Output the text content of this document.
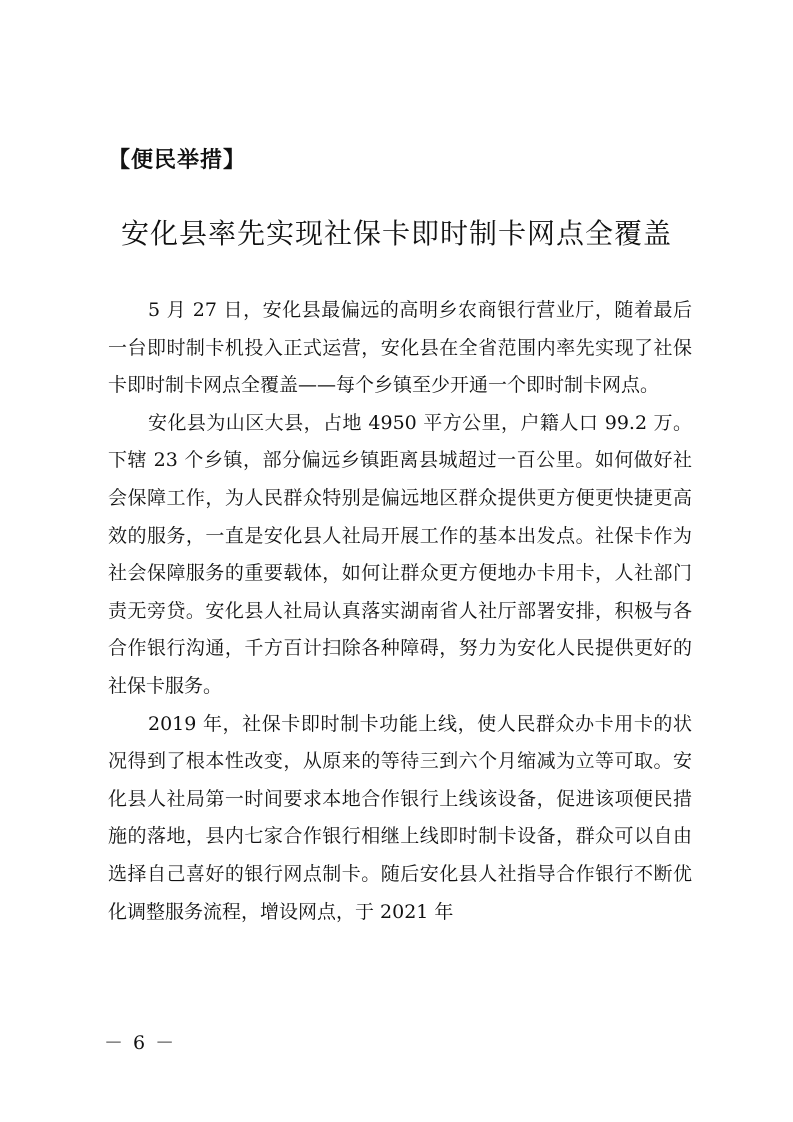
【便民举措】
安化县率先实现社保卡即时制卡网点全覆盖

5 月 27 日，安化县最偏远的高明乡农商银行营业厅，随着最后一台即时制卡机投入正式运营，安化县在全省范围内率先实现了社保卡即时制卡网点全覆盖——每个乡镇至少开通一个即时制卡网点。

安化县为山区大县，占地 4950 平方公里，户籍人口 99.2 万。下辖 23 个乡镇，部分偏远乡镇距离县城超过一百公里。如何做好社会保障工作，为人民群众特别是偏远地区群众提供更方便更快捷更高效的服务，一直是安化县人社局开展工作的基本出发点。社保卡作为社会保障服务的重要载体，如何让群众更方便地办卡用卡，人社部门责无旁贷。安化县人社局认真落实湖南省人社厅部署安排，积极与各合作银行沟通，千方百计扫除各种障碍，努力为安化人民提供更好的社保卡服务。

2019 年，社保卡即时制卡功能上线，使人民群众办卡用卡的状况得到了根本性改变，从原来的等待三到六个月缩减为立等可取。安化县人社局第一时间要求本地合作银行上线该设备，促进该项便民措施的落地，县内七家合作银行相继上线即时制卡设备，群众可以自由选择自己喜好的银行网点制卡。随后安化县人社指导合作银行不断优化调整服务流程，增设网点，于 2021 年

－ 6 －
